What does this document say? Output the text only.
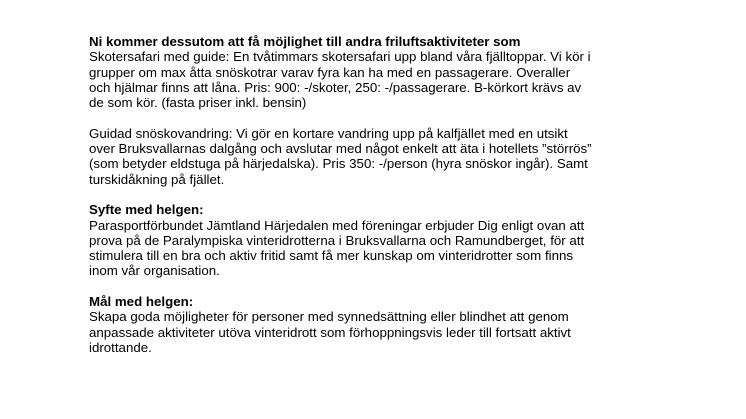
Ni kommer dessutom att få möjlighet till andra friluftsaktiviteter som
Skotersafari med guide: En tvåtimmars skotersafari upp bland våra fjälltoppar. Vi kör i
grupper om max åtta snöskotrar varav fyra kan ha med en passagerare. Overaller
och hjälmar finns att låna. Pris: 900: -/skoter, 250: -/passagerare. B-körkort krävs av
de som kör. (fasta priser inkl. bensin)
Guidad snöskovandring: Vi gör en kortare vandring upp på kalfjället med en utsikt
over Bruksvallarnas dalgång och avslutar med något enkelt att äta i hotellets ”störrös”
(som betyder eldstuga på härjedalska). Pris 350: -/person (hyra snöskor ingår). Samt
turskidåkning på fjället.
Syfte med helgen:
Parasportförbundet Jämtland Härjedalen med föreningar erbjuder Dig enligt ovan att
prova på de Paralympiska vinteridrotterna i Bruksvallarna och Ramundberget, för att
stimulera till en bra och aktiv fritid samt få mer kunskap om vinteridrotter som finns
inom vår organisation.
Mål med helgen:
Skapa goda möjligheter för personer med synnedsättning eller blindhet att genom
anpassade aktiviteter utöva vinteridrott som förhoppningsvis leder till fortsatt aktivt
idrottande.
